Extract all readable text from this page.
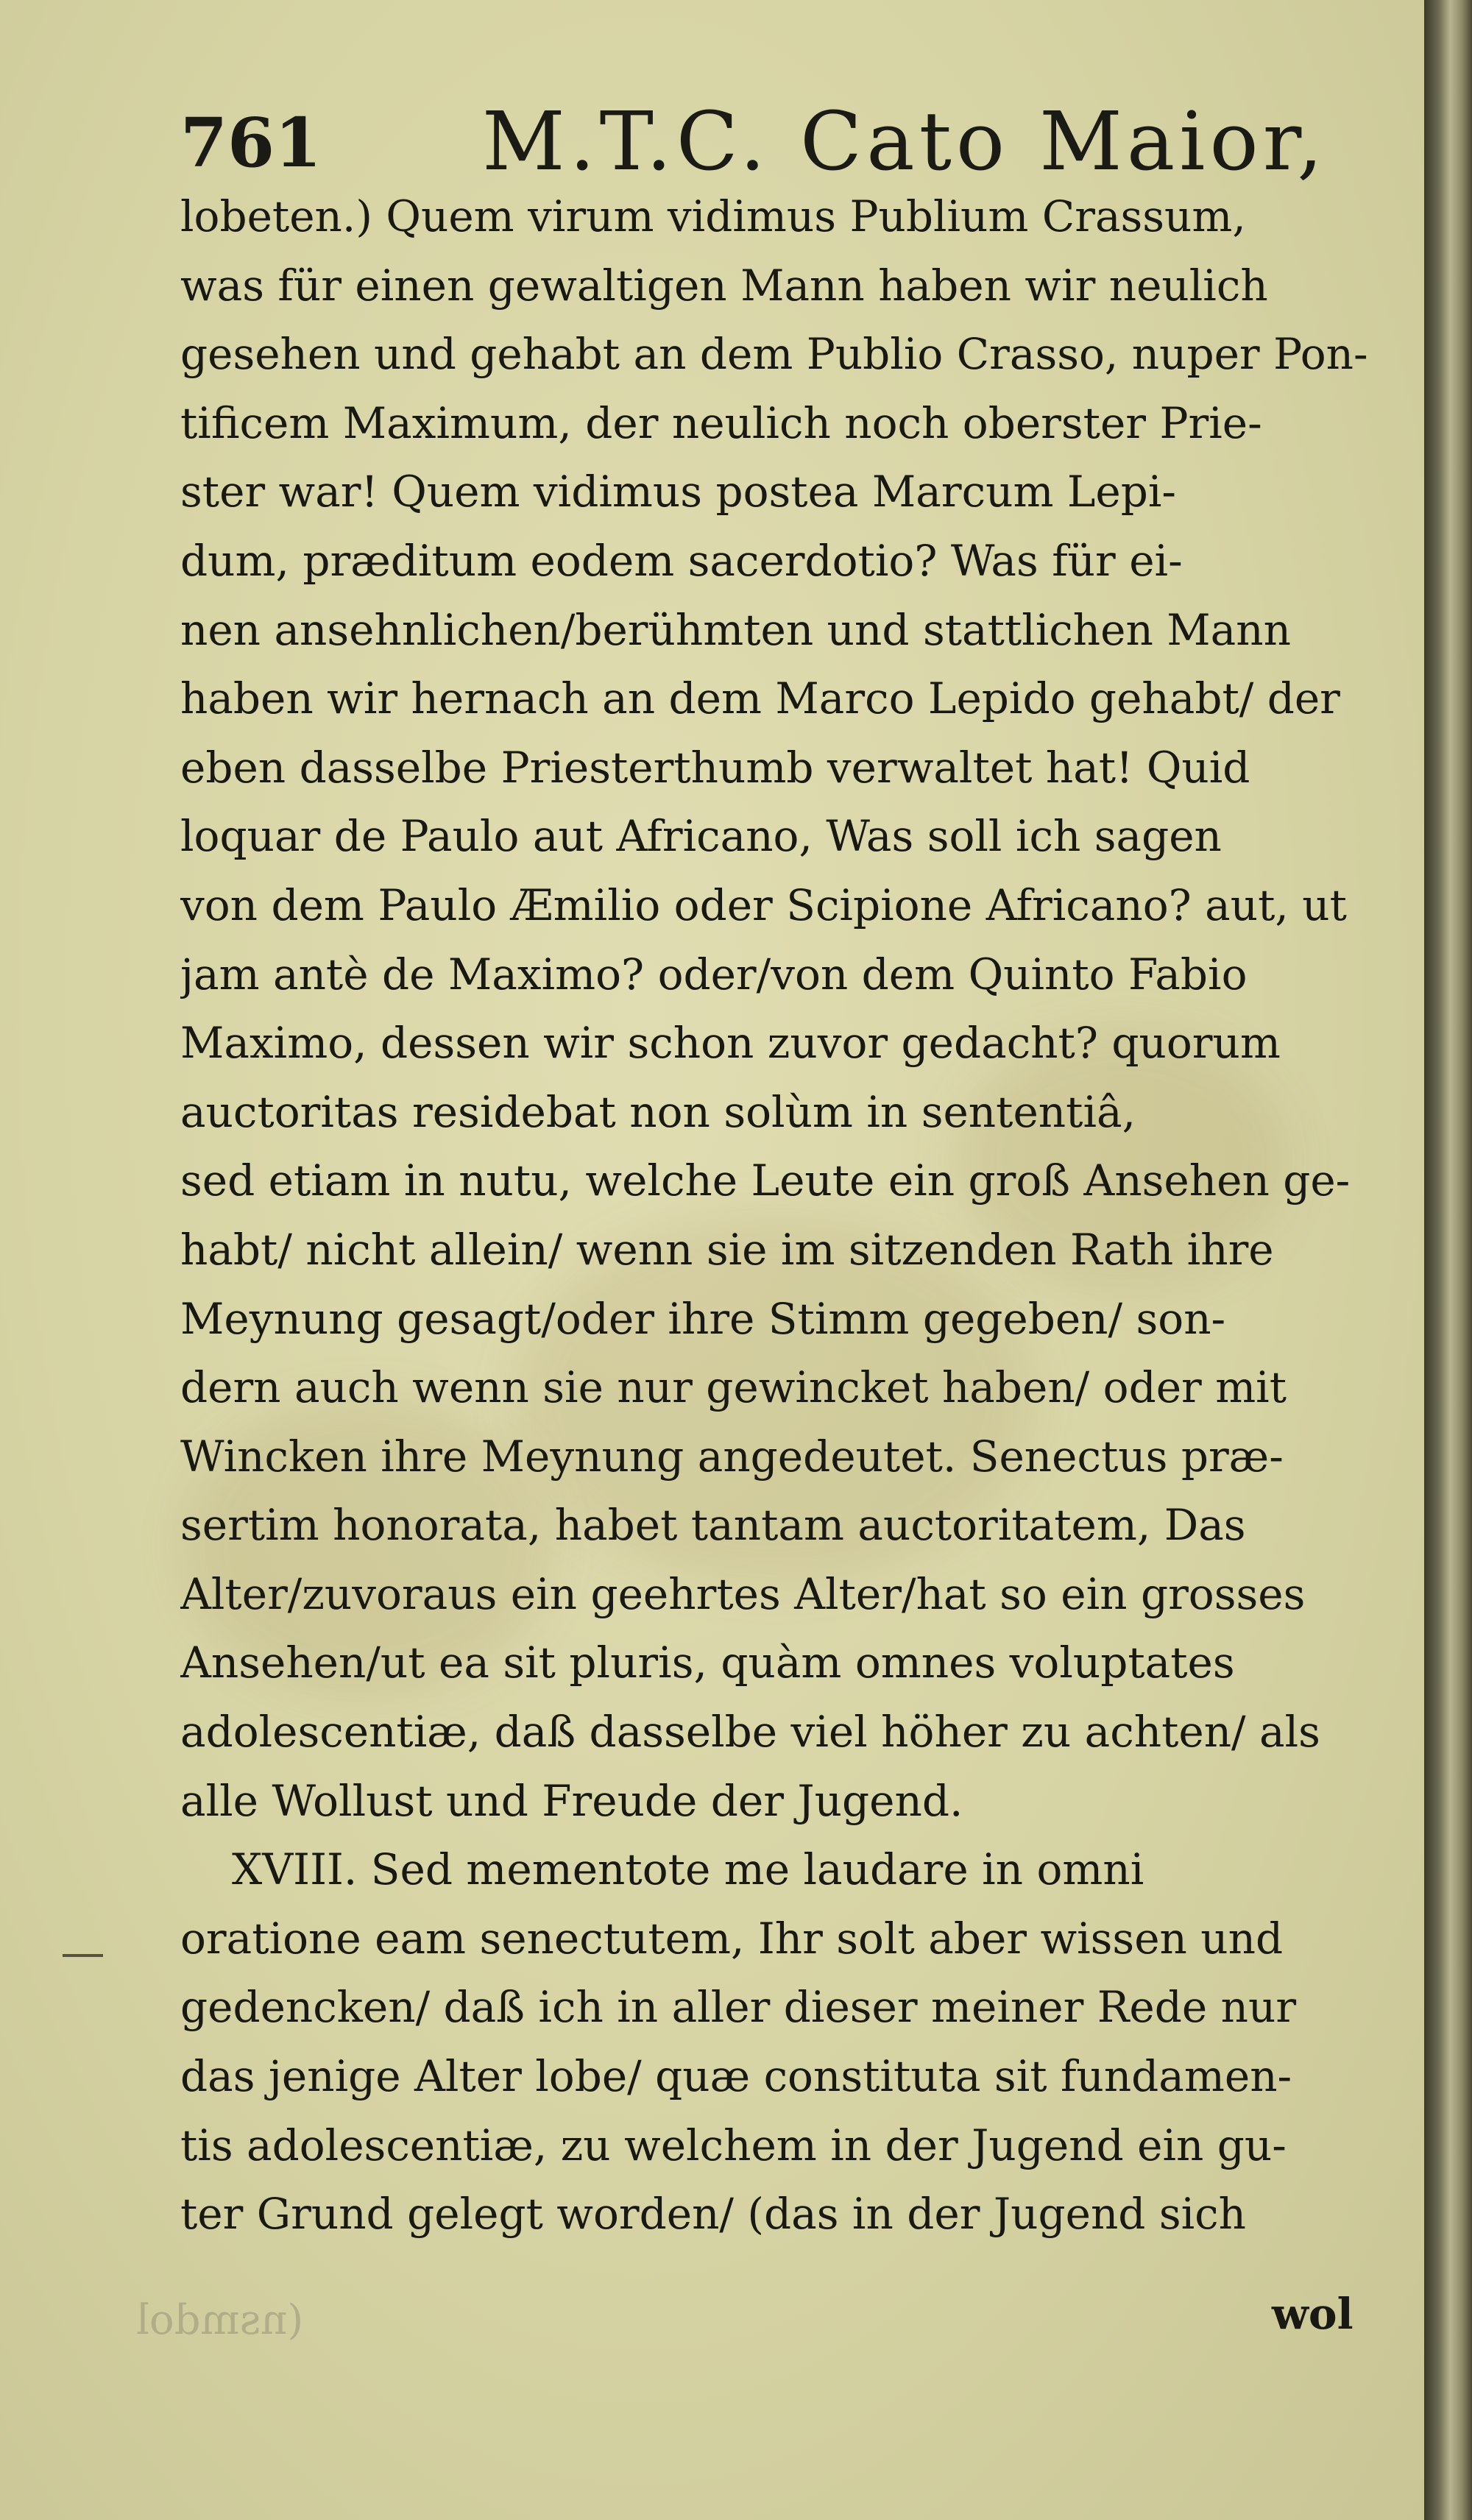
761 M.T.C. Cato Maior,
lobeten.) Quem virum vidimus Publium Crassum,
was für einen gewaltigen Mann haben wir neulich
gesehen und gehabt an dem Publio Crasso, nuper Pon-
tificem Maximum, der neulich noch oberster Prie-
ster war! Quem vidimus postea Marcum Lepi-
dum, præditum eodem sacerdotio? Was für ei-
nen ansehnlichen/berühmten und stattlichen Mann
haben wir hernach an dem Marco Lepido gehabt/ der
eben dasselbe Priesterthumb verwaltet hat! Quid
loquar de Paulo aut Africano, Was soll ich sagen
von dem Paulo Æmilio oder Scipione Africano? aut, ut
jam antè de Maximo? oder/von dem Quinto Fabio
Maximo, dessen wir schon zuvor gedacht? quorum
auctoritas residebat non solùm in sententiâ,
sed etiam in nutu, welche Leute ein groß Ansehen ge-
habt/ nicht allein/ wenn sie im sitzenden Rath ihre
Meynung gesagt/oder ihre Stimm gegeben/ son-
dern auch wenn sie nur gewincket haben/ oder mit
Wincken ihre Meynung angedeutet. Senectus præ-
sertim honorata, habet tantam auctoritatem, Das
Alter/zuvoraus ein geehrtes Alter/hat so ein grosses
Ansehen/ut ea sit pluris, quàm omnes voluptates
adolescentiæ, daß dasselbe viel höher zu achten/ als
alle Wollust und Freude der Jugend.
XVIII. Sed mementote me laudare in omni
oratione eam senectutem, Ihr solt aber wissen und
gedencken/ daß ich in aller dieser meiner Rede nur
das jenige Alter lobe/ quæ constituta sit fundamen-
tis adolescentiæ, zu welchem in der Jugend ein gu-
ter Grund gelegt worden/ (das in der Jugend sich
(nsmdol	wol
